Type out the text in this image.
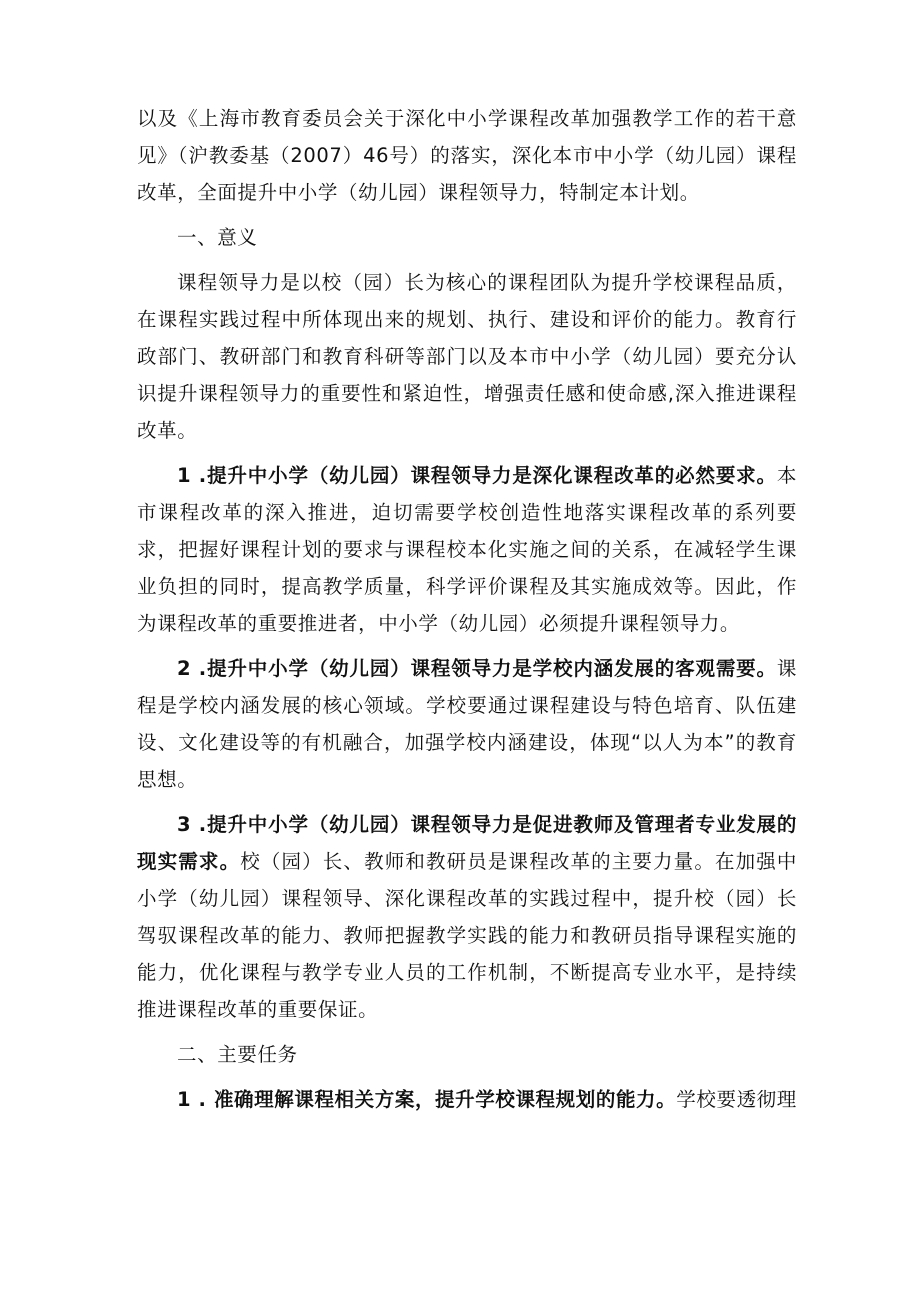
以及《上海市教育委员会关于深化中小学课程改革加强教学工作的若干意见》（沪教委基（2007）46号）的落实，深化本市中小学（幼儿园）课程改革，全面提升中小学（幼儿园）课程领导力，特制定本计划。

一、意义

课程领导力是以校（园）长为核心的课程团队为提升学校课程品质，在课程实践过程中所体现出来的规划、执行、建设和评价的能力。教育行政部门、教研部门和教育科研等部门以及本市中小学（幼儿园）要充分认识提升课程领导力的重要性和紧迫性，增强责任感和使命感,深入推进课程改革。

1 .提升中小学（幼儿园）课程领导力是深化课程改革的必然要求。本市课程改革的深入推进，迫切需要学校创造性地落实课程改革的系列要求，把握好课程计划的要求与课程校本化实施之间的关系，在减轻学生课业负担的同时，提高教学质量，科学评价课程及其实施成效等。因此，作为课程改革的重要推进者，中小学（幼儿园）必须提升课程领导力。

2 .提升中小学（幼儿园）课程领导力是学校内涵发展的客观需要。课程是学校内涵发展的核心领域。学校要通过课程建设与特色培育、队伍建设、文化建设等的有机融合，加强学校内涵建设，体现“以人为本”的教育思想。

3 .提升中小学（幼儿园）课程领导力是促进教师及管理者专业发展的现实需求。校（园）长、教师和教研员是课程改革的主要力量。在加强中小学（幼儿园）课程领导、深化课程改革的实践过程中，提升校（园）长驾驭课程改革的能力、教师把握教学实践的能力和教研员指导课程实施的能力，优化课程与教学专业人员的工作机制，不断提高专业水平，是持续推进课程改革的重要保证。

二、主要任务

1 . 准确理解课程相关方案，提升学校课程规划的能力。学校要透彻理
